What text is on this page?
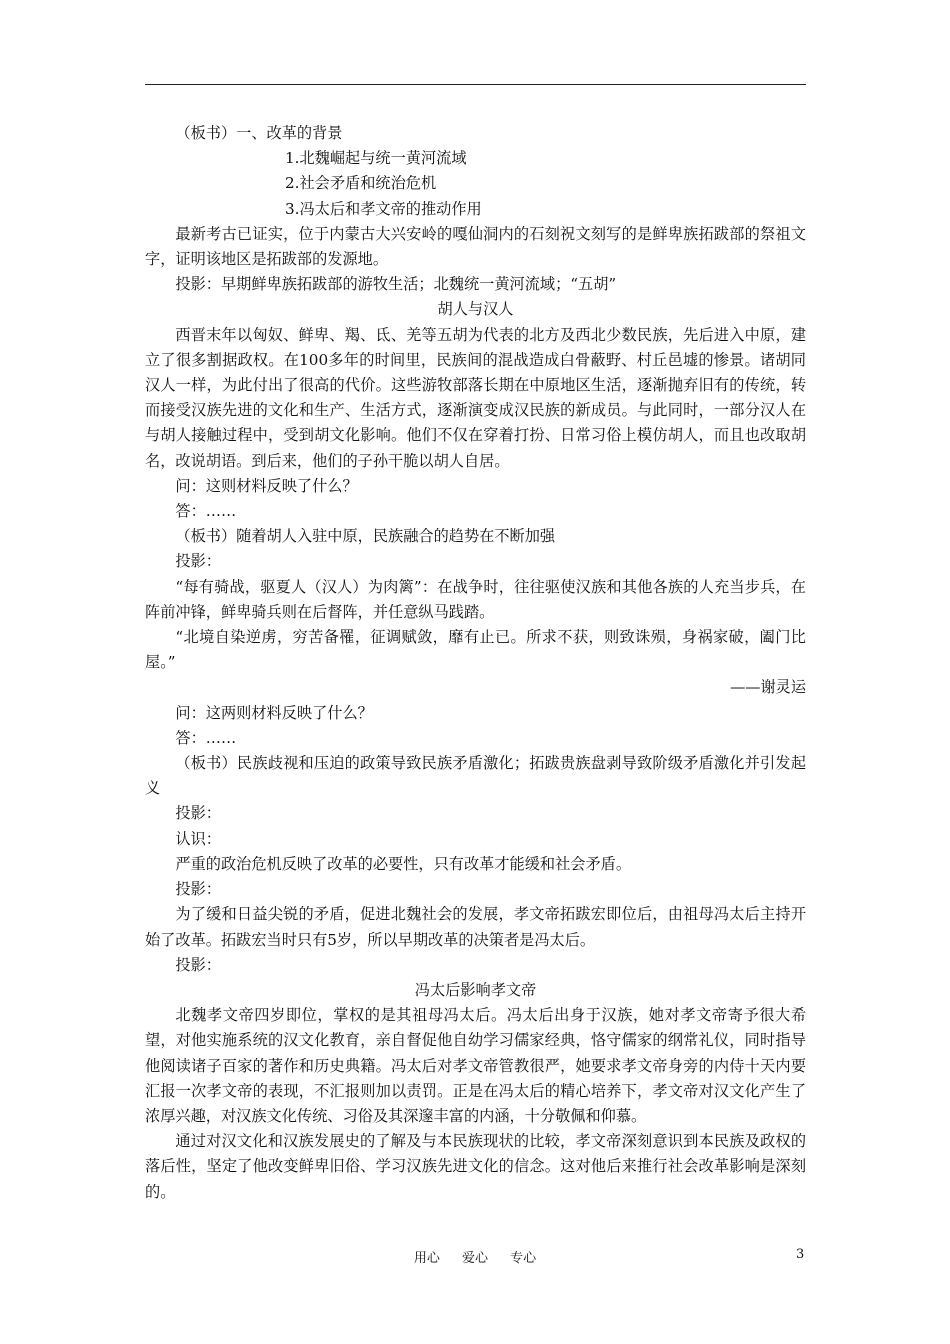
（板书）一、改革的背景

1.北魏崛起与统一黄河流域

2.社会矛盾和统治危机

3.冯太后和孝文帝的推动作用

最新考古已证实，位于内蒙古大兴安岭的嘎仙洞内的石刻祝文刻写的是鲜卑族拓跋部的祭祖文字，证明该地区是拓跋部的发源地。

投影：早期鲜卑族拓跋部的游牧生活；北魏统一黄河流域；“五胡”

胡人与汉人

西晋末年以匈奴、鲜卑、羯、氐、羌等五胡为代表的北方及西北少数民族，先后进入中原，建立了很多割据政权。在100多年的时间里，民族间的混战造成白骨蔽野、村丘邑墟的惨景。诸胡同汉人一样，为此付出了很高的代价。这些游牧部落长期在中原地区生活，逐渐抛弃旧有的传统，转而接受汉族先进的文化和生产、生活方式，逐渐演变成汉民族的新成员。与此同时，一部分汉人在与胡人接触过程中，受到胡文化影响。他们不仅在穿着打扮、日常习俗上模仿胡人，而且也改取胡名，改说胡语。到后来，他们的子孙干脆以胡人自居。

问：这则材料反映了什么？

答：……

（板书）随着胡人入驻中原，民族融合的趋势在不断加强

投影：

“每有骑战，驱夏人（汉人）为肉篱”：在战争时，往往驱使汉族和其他各族的人充当步兵，在阵前冲锋，鲜卑骑兵则在后督阵，并任意纵马践踏。

“北境自染逆虏，穷苦备罹，征调赋敛，靡有止已。所求不获，则致诛殒，身祸家破，阖门比屋。”

——谢灵运

问：这两则材料反映了什么？

答：……

（板书）民族歧视和压迫的政策导致民族矛盾激化；拓跋贵族盘剥导致阶级矛盾激化并引发起义

投影：

认识：

严重的政治危机反映了改革的必要性，只有改革才能缓和社会矛盾。

投影：

为了缓和日益尖锐的矛盾，促进北魏社会的发展，孝文帝拓跋宏即位后，由祖母冯太后主持开始了改革。拓跋宏当时只有5岁，所以早期改革的决策者是冯太后。

投影：

冯太后影响孝文帝

北魏孝文帝四岁即位，掌权的是其祖母冯太后。冯太后出身于汉族，她对孝文帝寄予很大希望，对他实施系统的汉文化教育，亲自督促他自幼学习儒家经典，恪守儒家的纲常礼仪，同时指导他阅读诸子百家的著作和历史典籍。冯太后对孝文帝管教很严，她要求孝文帝身旁的内侍十天内要汇报一次孝文帝的表现，不汇报则加以责罚。正是在冯太后的精心培养下，孝文帝对汉文化产生了浓厚兴趣，对汉族文化传统、习俗及其深邃丰富的内涵，十分敬佩和仰慕。

通过对汉文化和汉族发展史的了解及与本民族现状的比较，孝文帝深刻意识到本民族及政权的落后性，坚定了他改变鲜卑旧俗、学习汉族先进文化的信念。这对他后来推行社会改革影响是深刻的。

用心 爱心 专心	3
